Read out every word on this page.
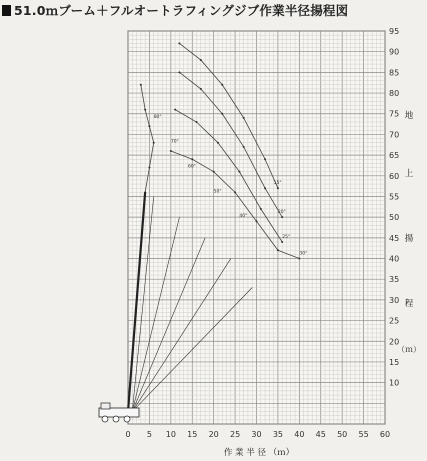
51.0ｍブーム＋フルオートラフィングジブ作業半径揚程図
0 5 10 15 20 25 30 35 40 45 50 55 60
10
15
20
25
30
35
40
45
50
55
60
65
70
75
80
85
90
95
15°
20°
25°
30°
40°
50°
60°
70°
80°	地
上
揚
程
（ｍ）
作 業 半 径 （ｍ）
